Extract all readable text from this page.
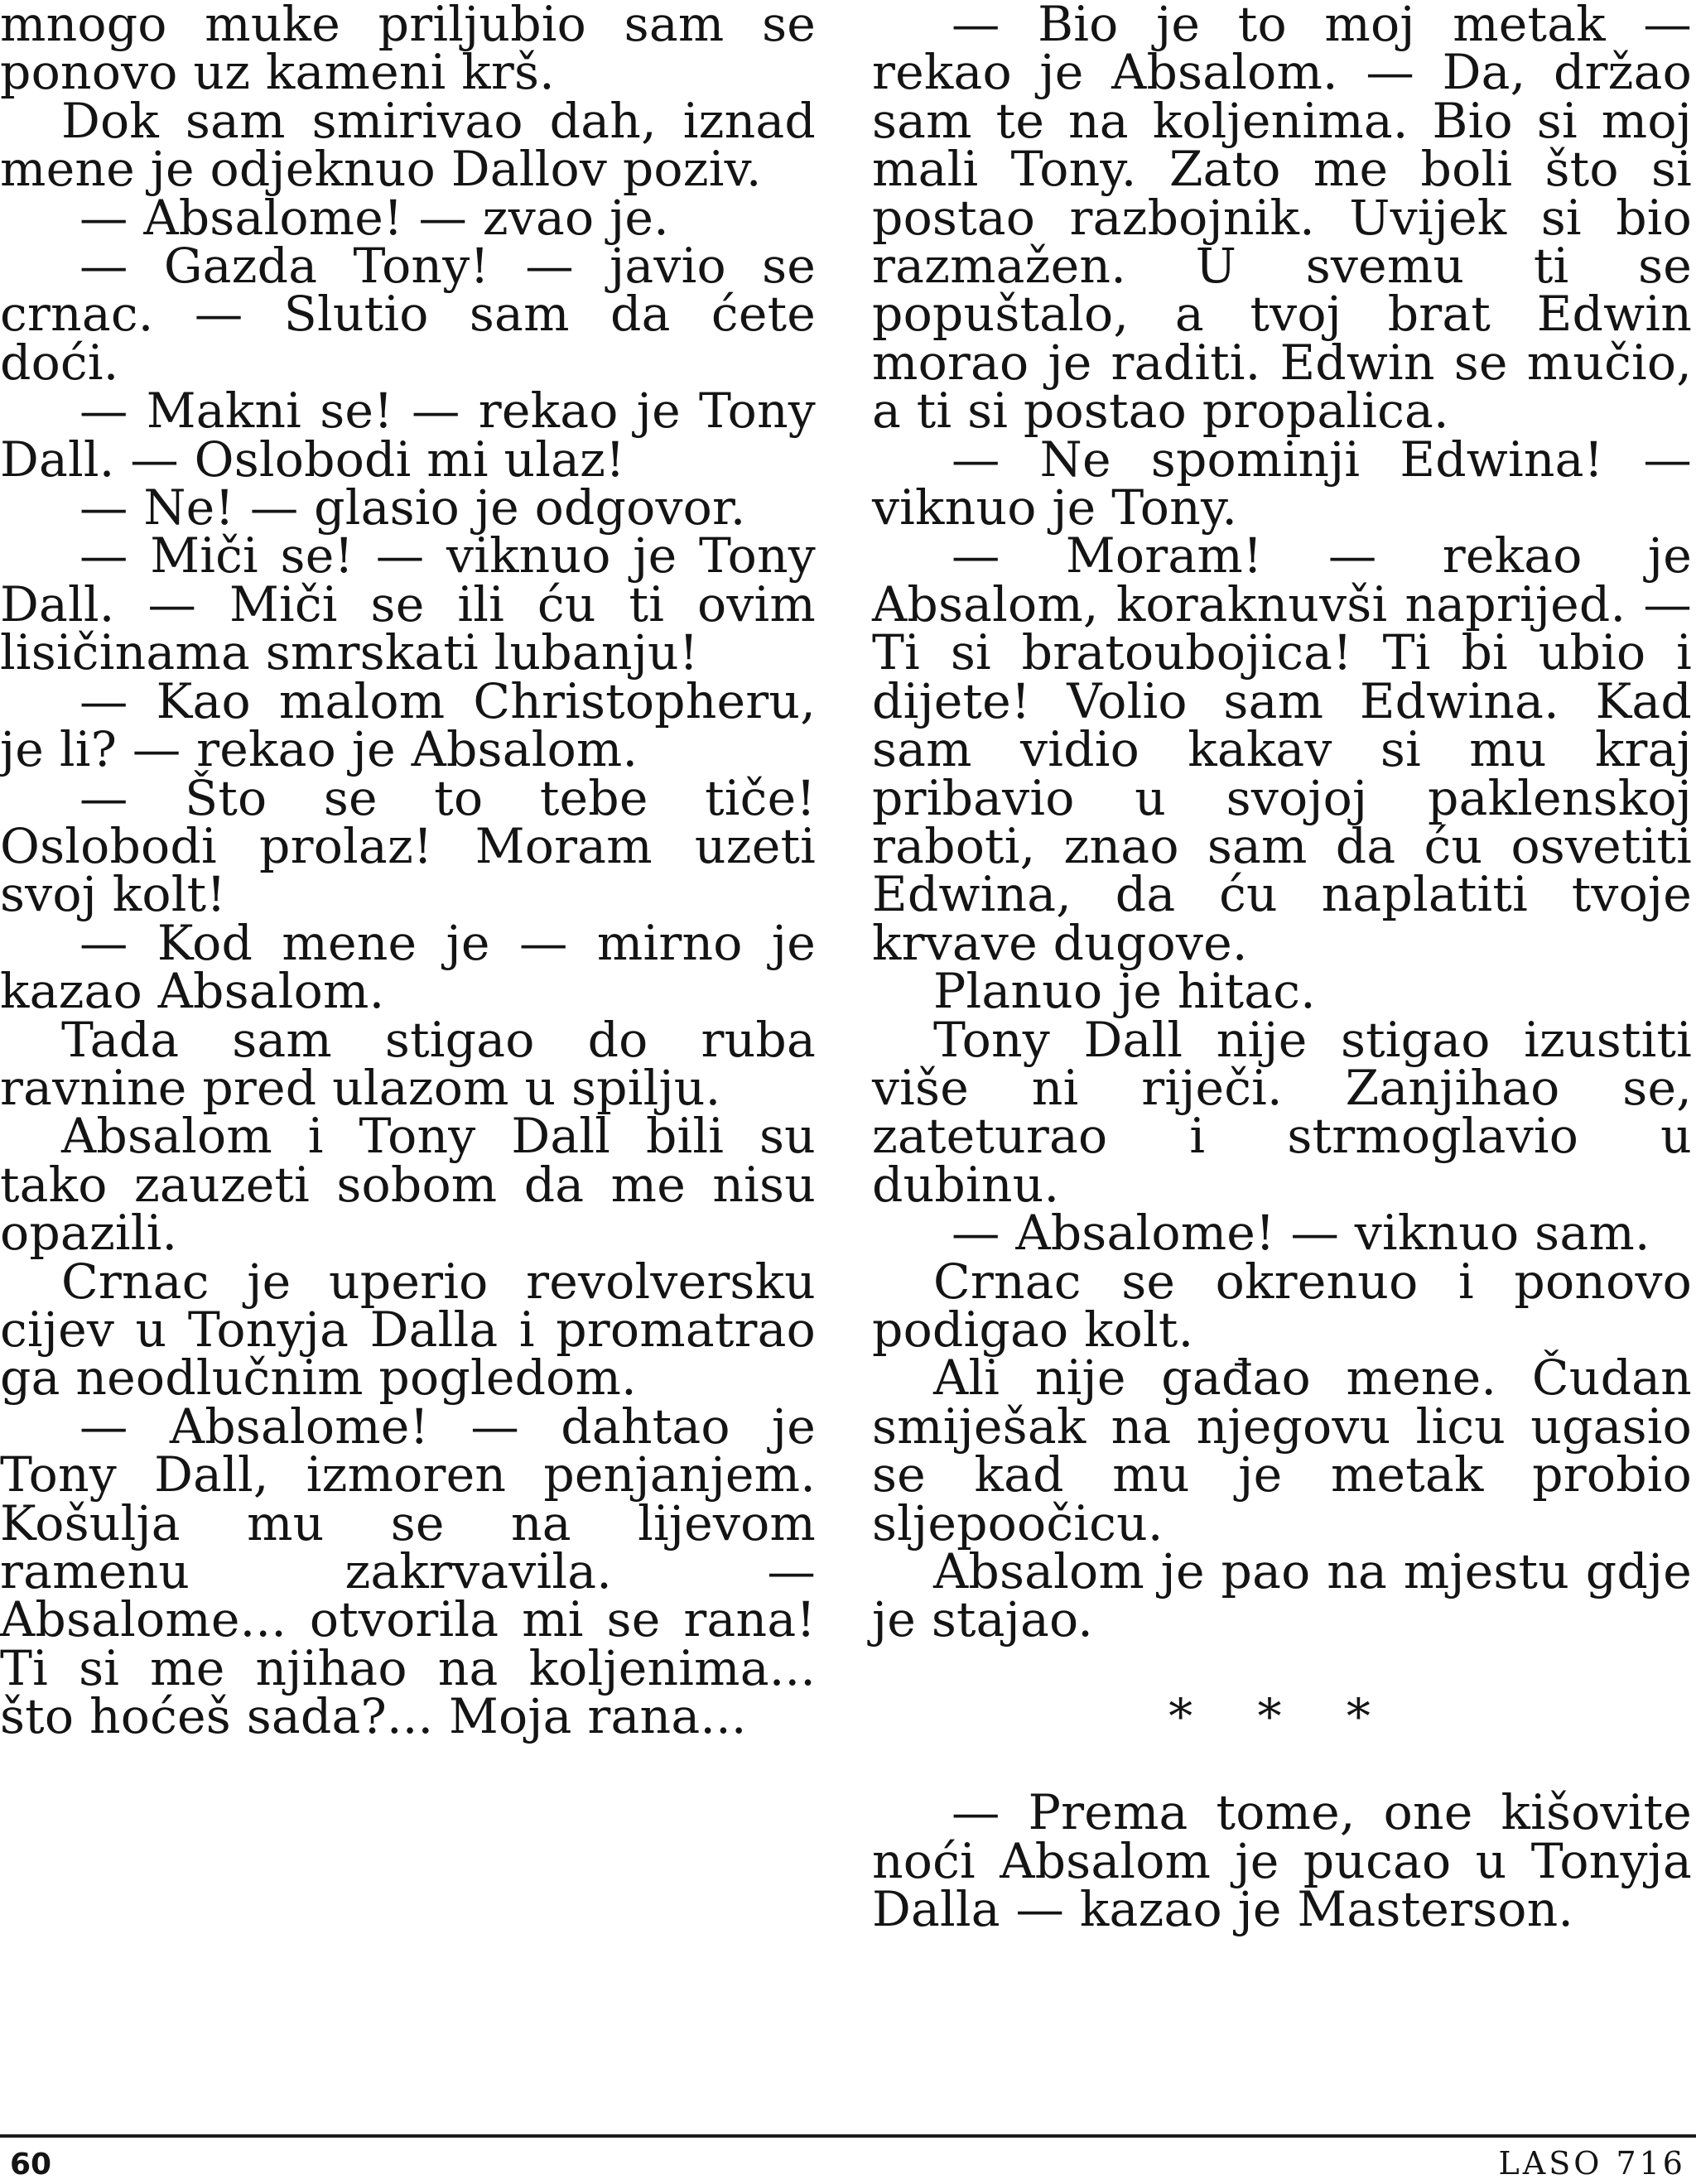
mnogo muke priljubio sam se ponovo uz kameni krš.

Dok sam smirivao dah, iznad mene je odjeknuo Dallov poziv.

— Absalome! — zvao je.

— Gazda Tony! — javio se crnac. — Slutio sam da ćete doći.

— Makni se! — rekao je Tony Dall. — Oslobodi mi ulaz!

— Ne! — glasio je odgovor.

— Miči se! — viknuo je Tony Dall. — Miči se ili ću ti ovim lisičinama smrskati lubanju!

— Kao malom Christopheru, je li? — rekao je Absalom.

— Što se to tebe tiče! Oslobodi prolaz! Moram uzeti svoj kolt!

— Kod mene je — mirno je kazao Absalom.

Tada sam stigao do ruba ravnine pred ulazom u spilju.

Absalom i Tony Dall bili su tako zauzeti sobom da me nisu opazili.

Crnac je uperio revolversku cijev u Tonyja Dalla i promatrao ga neodlučnim pogledom.

— Absalome! — dahtao je Tony Dall, izmoren penjanjem. Košulja mu se na lijevom ramenu zakrvavila. — Absalome... otvorila mi se rana! Ti si me njihao na koljenima... što hoćeš sada?... Moja rana...

— Bio je to moj metak — rekao je Absalom. — Da, držao sam te na koljenima. Bio si moj mali Tony. Zato me boli što si postao razbojnik. Uvijek si bio razmažen. U svemu ti se popuštalo, a tvoj brat Edwin morao je raditi. Edwin se mučio, a ti si postao propalica.

— Ne spominji Edwina! — viknuo je Tony.

— Moram! — rekao je Absalom, koraknuvši naprijed. — Ti si bratoubojica! Ti bi ubio i dijete! Volio sam Edwina. Kad sam vidio kakav si mu kraj pribavio u svojoj paklenskoj raboti, znao sam da ću osvetiti Edwina, da ću naplatiti tvoje krvave dugove.

Planuo je hitac.

Tony Dall nije stigao izustiti više ni riječi. Zanjihao se, zateturao i strmoglavio u dubinu.

— Absalome! — viknuo sam.

Crnac se okrenuo i ponovo podigao kolt.

Ali nije gađao mene. Čudan smiješak na njegovu licu ugasio se kad mu je metak probio sljepoočicu.

Absalom je pao na mjestu gdje je stajao.

* * *

— Prema tome, one kišovite noći Absalom je pucao u Tonyja Dalla — kazao je Masterson.

60	LASO 716
